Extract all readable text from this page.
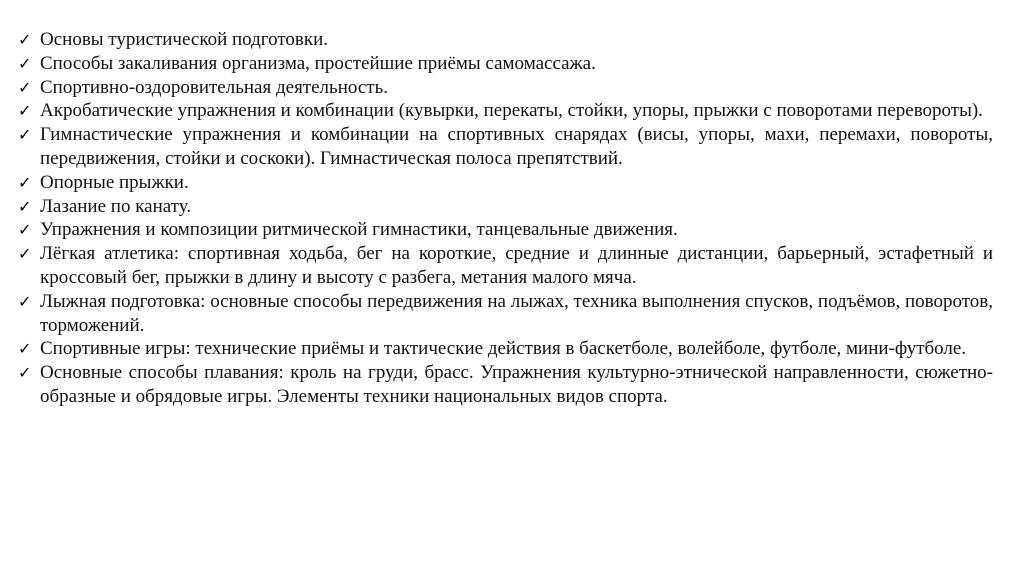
✓ Основы туристической подготовки.
✓ Способы закаливания организма, простейшие приёмы самомассажа.
✓ Спортивно-оздоровительная деятельность.
✓ Акробатические упражнения и комбинации (кувырки, перекаты, стойки, упоры, прыжки с поворотами перевороты).
✓ Гимнастические упражнения и комбинации на спортивных снарядах (висы, упоры, махи, перемахи, повороты, передвижения, стойки и соскоки). Гимнастическая полоса препятствий.
✓ Опорные прыжки.
✓ Лазание по канату.
✓ Упражнения и композиции ритмической гимнастики, танцевальные движения.
✓ Лёгкая атлетика: спортивная ходьба, бег на короткие, средние и длинные дистанции, барьерный, эстафетный и кроссовый бег, прыжки в длину и высоту с разбега, метания малого мяча.
✓ Лыжная подготовка: основные способы передвижения на лыжах, техника выполнения спусков, подъёмов, поворотов, торможений.
✓ Спортивные игры: технические приёмы и тактические действия в баскетболе, волейболе, футболе, мини-футболе.
✓ Основные способы плавания: кроль на груди, брасс. Упражнения культурно-этнической направленности, сюжетно-образные и обрядовые игры. Элементы техники национальных видов спорта.
